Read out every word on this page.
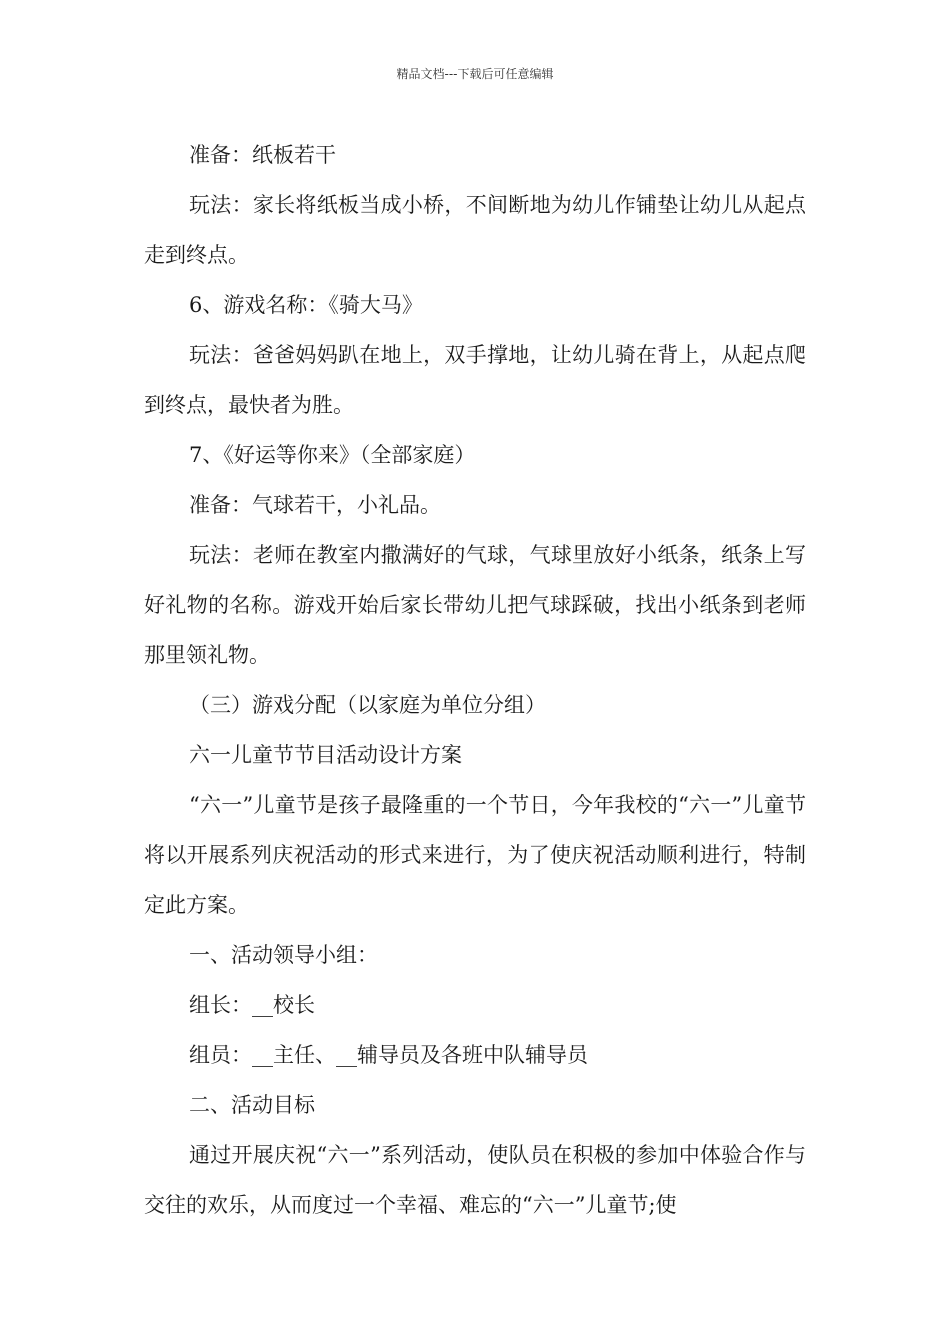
精品文档---下载后可任意编辑

准备：纸板若干

玩法：家长将纸板当成小桥，不间断地为幼儿作铺垫让幼儿从起点走到终点。

6、游戏名称：《骑大马》

玩法：爸爸妈妈趴在地上，双手撑地，让幼儿骑在背上，从起点爬到终点，最快者为胜。

7、《好运等你来》（全部家庭）

准备：气球若干，小礼品。

玩法：老师在教室内撒满好的气球，气球里放好小纸条，纸条上写好礼物的名称。游戏开始后家长带幼儿把气球踩破，找出小纸条到老师那里领礼物。

（三）游戏分配（以家庭为单位分组）

六一儿童节节目活动设计方案

“六一”儿童节是孩子最隆重的一个节日，今年我校的“六一”儿童节将以开展系列庆祝活动的形式来进行，为了使庆祝活动顺利进行，特制定此方案。

一、活动领导小组：

组长：__校长

组员：__主任、__辅导员及各班中队辅导员

二、活动目标

通过开展庆祝“六一”系列活动，使队员在积极的参加中体验合作与交往的欢乐，从而度过一个幸福、难忘的“六一”儿童节;使
